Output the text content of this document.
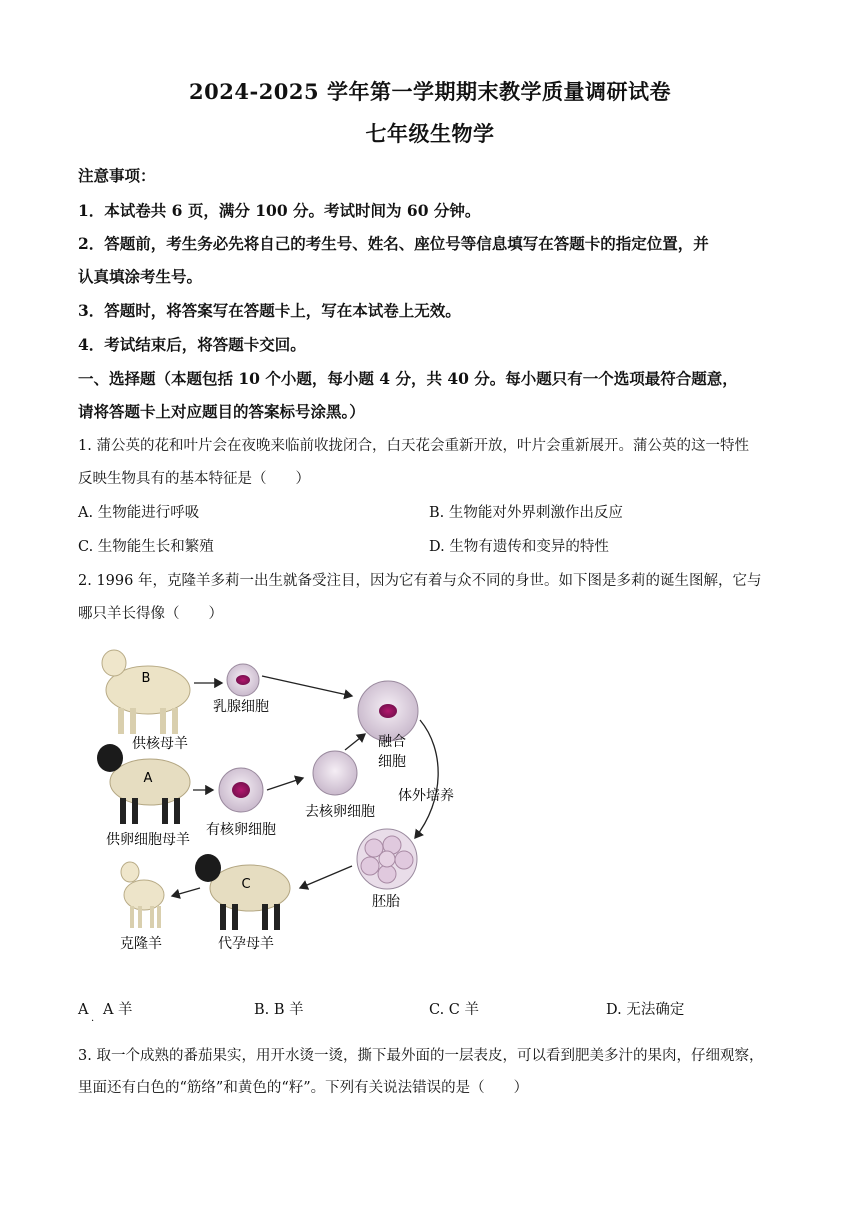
2024-2025 学年第一学期期末教学质量调研试卷
七年级生物学
注意事项：
1．本试卷共 6 页，满分 100 分。考试时间为 60 分钟。
2．答题前，考生务必先将自己的考生号、姓名、座位号等信息填写在答题卡的指定位置，并
认真填涂考生号。
3．答题时，将答案写在答题卡上，写在本试卷上无效。
4．考试结束后，将答题卡交回。
一、选择题（本题包括 10 个小题，每小题 4 分，共 40 分。每小题只有一个选项最符合题意，
请将答题卡上对应题目的答案标号涂黑。）
1. 蒲公英的花和叶片会在夜晚来临前收拢闭合，白天花会重新开放，叶片会重新展开。蒲公英的这一特性
反映生物具有的基本特征是（　　）
A. 生物能进行呼吸	B. 生物能对外界刺激作出反应
C. 生物能生长和繁殖	D. 生物有遗传和变异的特性
2. 1996 年，克隆羊多莉一出生就备受注目，因为它有着与众不同的身世。如下图是多莉的诞生图解，它与
哪只羊长得像（　　）
B
供核母羊
乳腺细胞
融合
细胞
A
供卵细胞母羊
有核卵细胞
去核卵细胞
体外培养
胚胎
C
代孕母羊
克隆羊
A　A 羊
·
B. B 羊	C. C 羊	D. 无法确定
3. 取一个成熟的番茄果实，用开水烫一烫，撕下最外面的一层表皮，可以看到肥美多汁的果肉，仔细观察，
里面还有白色的“筋络”和黄色的“籽”。下列有关说法错误的是（　　）
